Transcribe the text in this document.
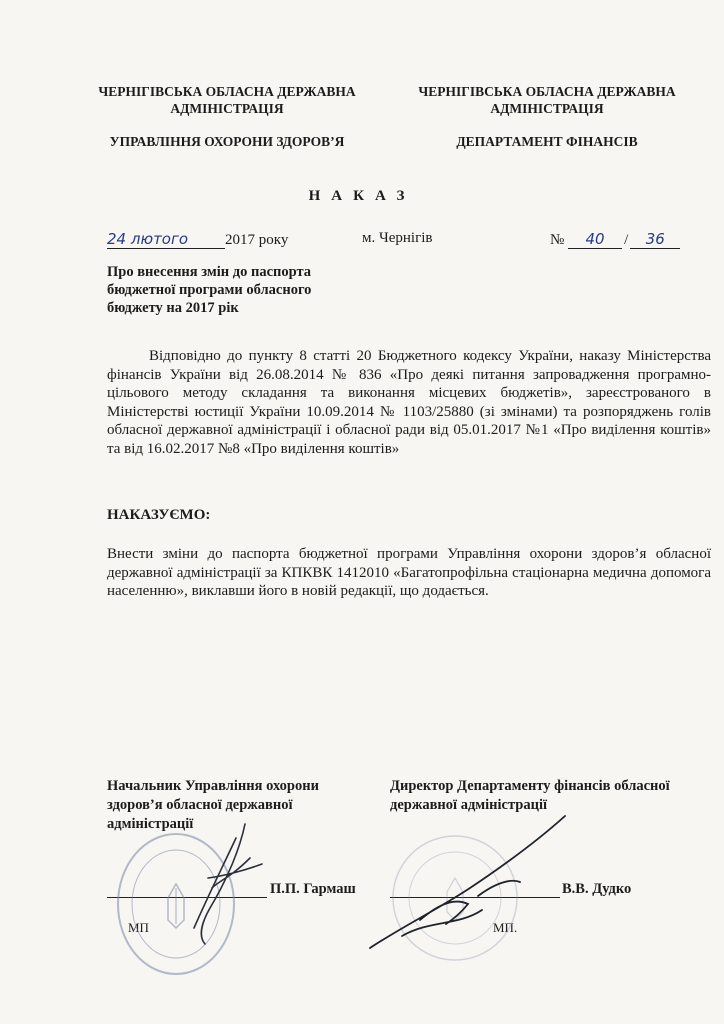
ЧЕРНІГІВСЬКА ОБЛАСНА ДЕРЖАВНА АДМІНІСТРАЦІЯ
УПРАВЛІННЯ ОХОРОНИ ЗДОРОВ’Я
ЧЕРНІГІВСЬКА ОБЛАСНА ДЕРЖАВНА АДМІНІСТРАЦІЯ
ДЕПАРТАМЕНТ ФІНАНСІВ
НАКАЗ
24 лютого 2017 року	м. Чернігів	№ 40 / 36
Про внесення змін до паспорта бюджетної програми обласного бюджету на 2017 рік
Відповідно до пункту 8 статті 20 Бюджетного кодексу України, наказу Міністерства фінансів України від 26.08.2014 № 836 «Про деякі питання запровадження програмно-цільового методу складання та виконання місцевих бюджетів», зареєстрованого в Міністерстві юстиції України 10.09.2014 № 1103/25880 (зі змінами) та розпоряджень голів обласної державної адміністрації і обласної ради від 05.01.2017 №1 «Про виділення коштів» та від 16.02.2017 №8 «Про виділення коштів»
НАКАЗУЄМО:
Внести зміни до паспорта бюджетної програми Управління охорони здоров’я обласної державної адміністрації за КПКВК 1412010 «Багатопрофільна стаціонарна медична допомога населенню», виклавши його в новій редакції, що додається.
Начальник Управління охорони здоров’я обласної державної адміністрації
П.П. Гармаш
МП
Директор Департаменту фінансів обласної державної адміністрації
В.В. Дудко
МП.
